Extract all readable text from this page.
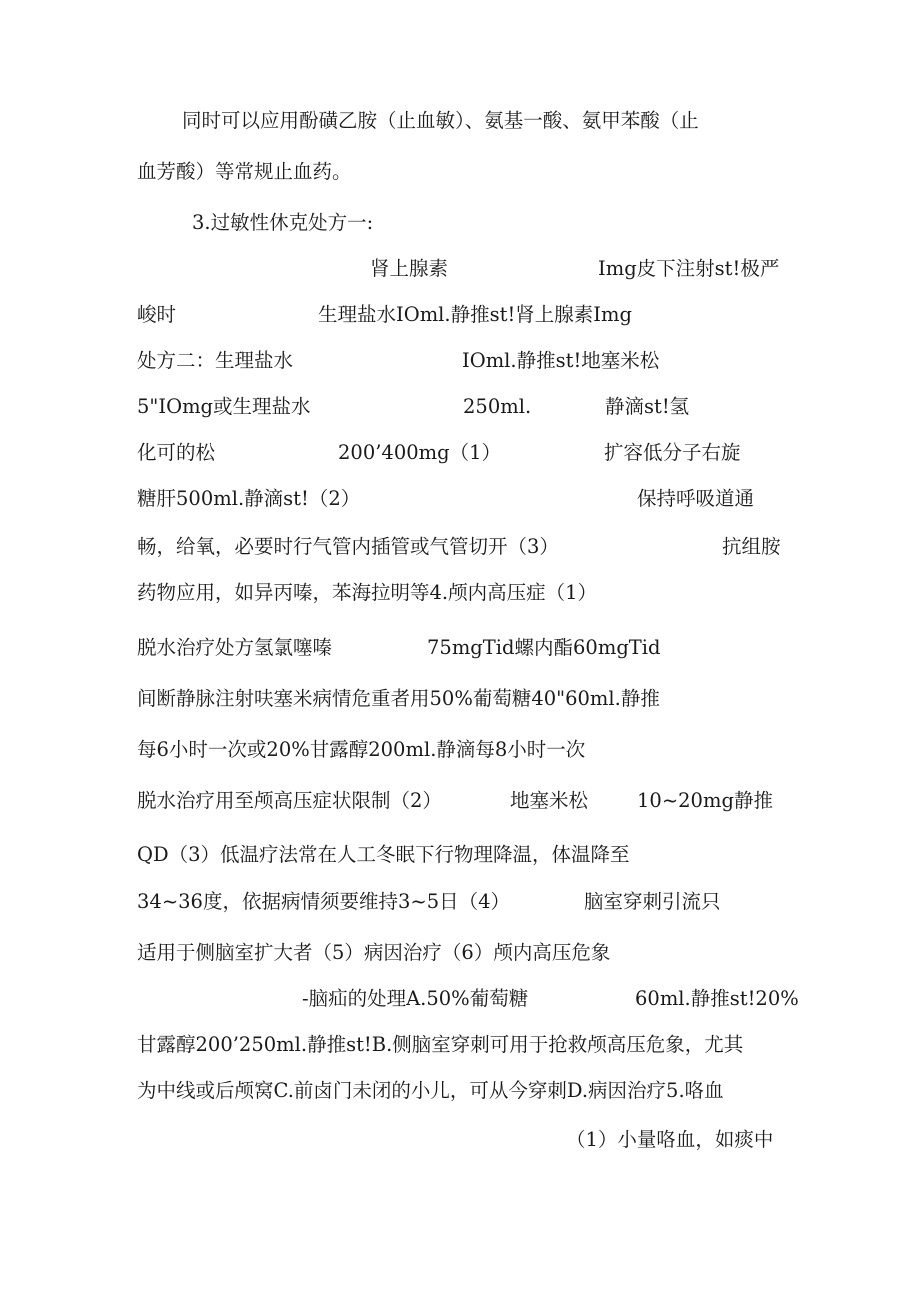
同时可以应用酚磺乙胺（止血敏）、氨基一酸、氨甲苯酸（止
血芳酸）等常规止血药。
3.过敏性休克处方一:
肾上腺素	Img皮下注射st!极严
峻时	生理盐水IOml.静推st!肾上腺素Img
处方二：生理盐水	IOml.静推st!地塞米松
5"IOmg或生理盐水	250ml.	静滴st!氢
化可的松	200’400mg（1）	扩容低分子右旋
糖肝500ml.静滴st!（2）	保持呼吸道通
畅，给氧，必要时行气管内插管或气管切开（3）	抗组胺
药物应用，如异丙嗪，苯海拉明等4.颅内高压症（1）
脱水治疗处方氢氯噻嗪	75mgTid螺内酯60mgTid
间断静脉注射呋塞米病情危重者用50%葡萄糖40"60ml.静推
每6小时一次或20%甘露醇200ml.静滴每8小时一次
脱水治疗用至颅高压症状限制（2）	地塞米松	10~20mg静推
QD（3）低温疗法常在人工冬眠下行物理降温，体温降至
34~36度，依据病情须要维持3~5日（4）	脑室穿刺引流只
适用于侧脑室扩大者（5）病因治疗（6）颅内高压危象
-脑疝的处理A.50%葡萄糖	60ml.静推st!20%
甘露醇200’250ml.静推st!B.侧脑室穿刺可用于抢救颅高压危象，尤其
为中线或后颅窝C.前卤门未闭的小儿，可从今穿刺D.病因治疗5.咯血
（1）小量咯血，如痰中
